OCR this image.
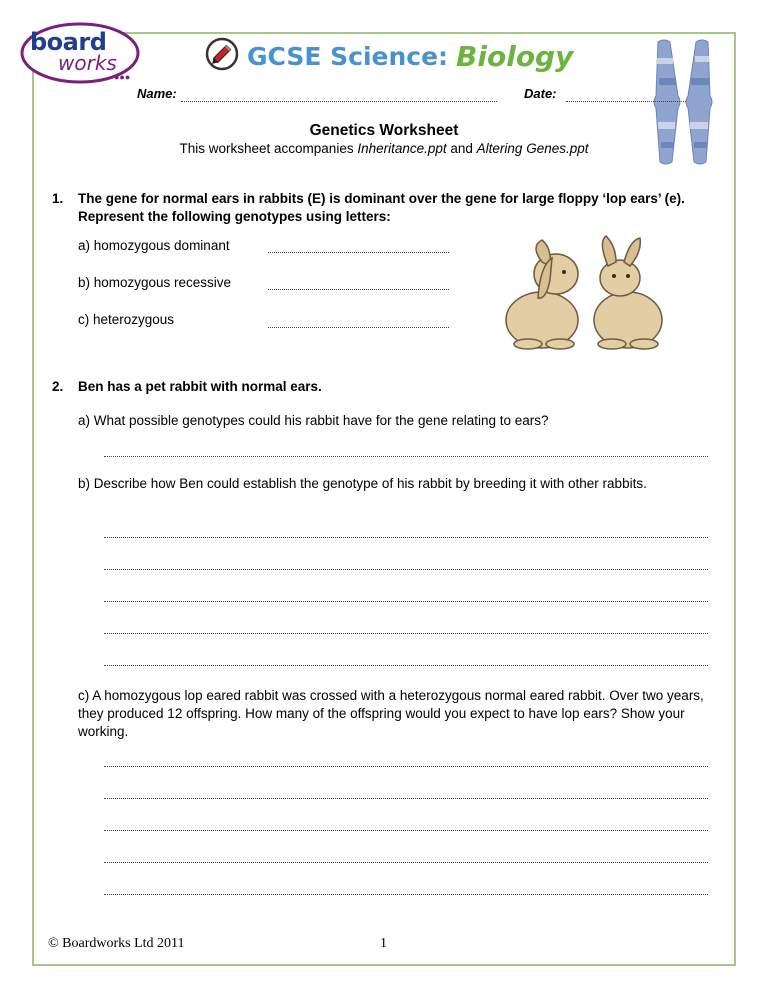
board
works
●●●
GCSE Science: Biology
Name:	Date:
Genetics Worksheet
This worksheet accompanies Inheritance.ppt and Altering Genes.ppt
1. The gene for normal ears in rabbits (E) is dominant over the gene for large floppy ‘lop ears’ (e). Represent the following genotypes using letters:
a) homozygous dominant
b) homozygous recessive
c) heterozygous
2. Ben has a pet rabbit with normal ears.
a) What possible genotypes could his rabbit have for the gene relating to ears?
b) Describe how Ben could establish the genotype of his rabbit by breeding it with other rabbits.
c) A homozygous lop eared rabbit was crossed with a heterozygous normal eared rabbit. Over two years, they produced 12 offspring. How many of the offspring would you expect to have lop ears? Show your working.
© Boardworks Ltd 2011	1
